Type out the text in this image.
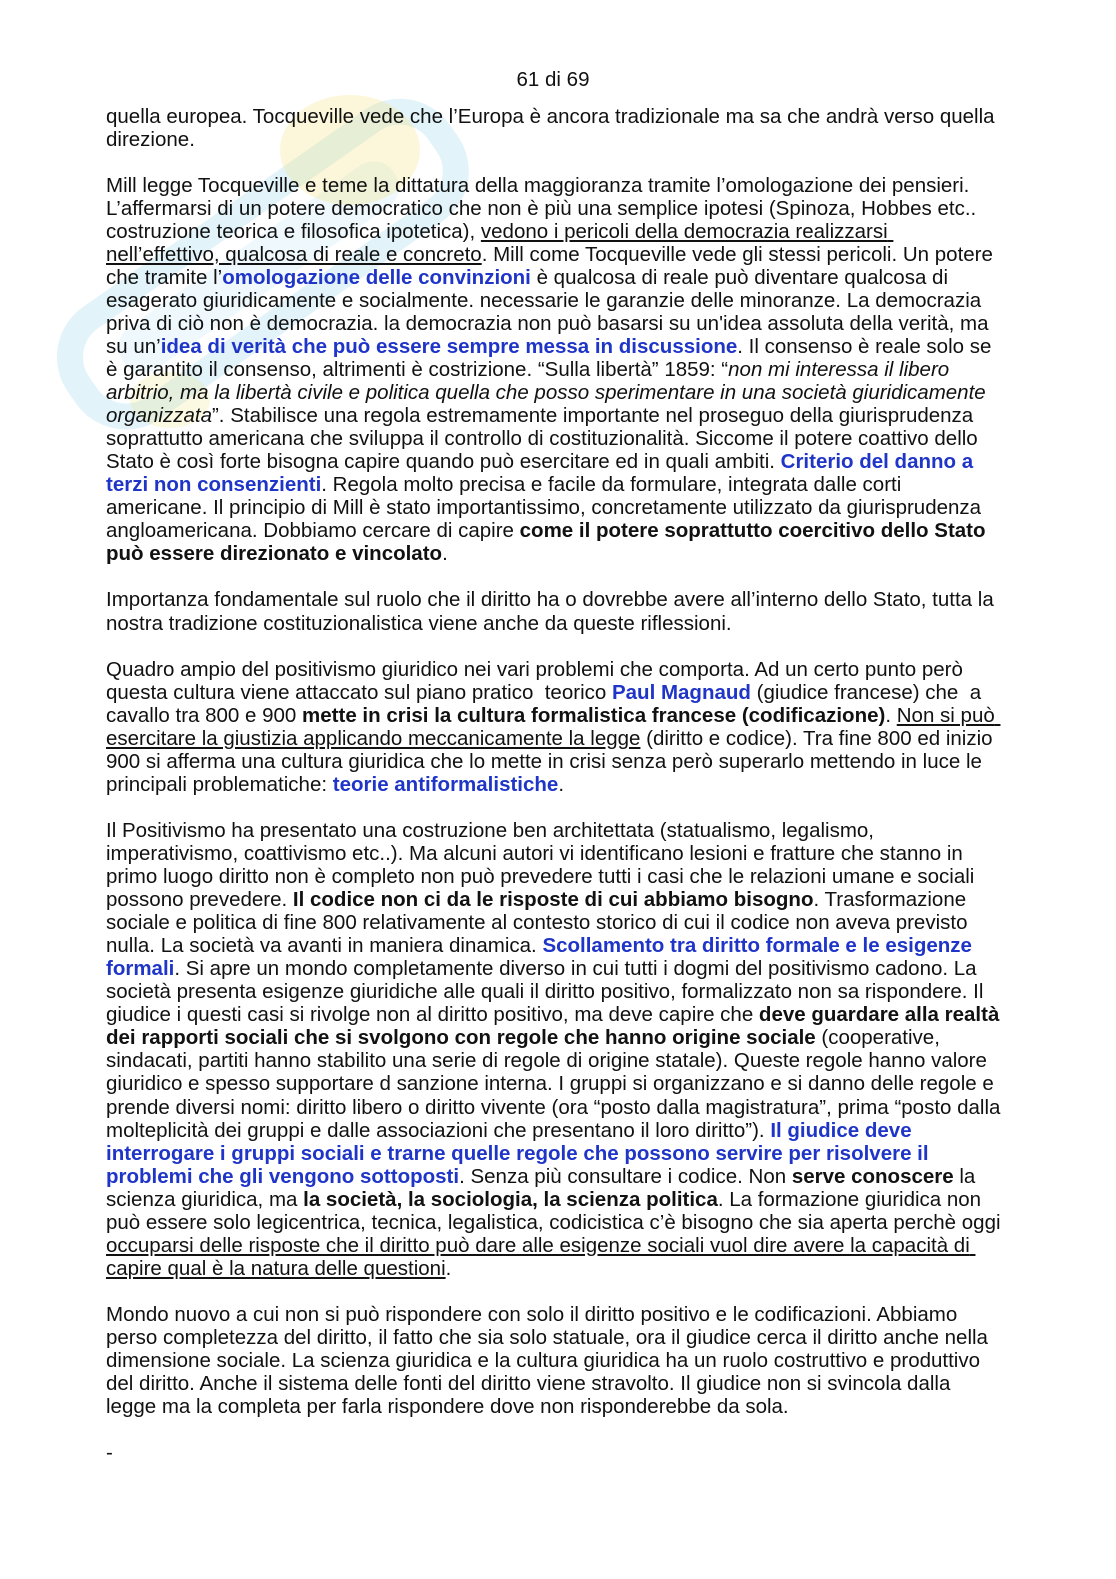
61 di 69

quella europea. Tocqueville vede che l’Europa è ancora tradizionale ma sa che andrà verso quella direzione.

Mill legge Tocqueville e teme la dittatura della maggioranza tramite l’omologazione dei pensieri. L’affermarsi di un potere democratico che non è più una semplice ipotesi (Spinoza, Hobbes etc.. costruzione teorica e filosofica ipotetica), vedono i pericoli della democrazia realizzarsi nell’effettivo, qualcosa di reale e concreto. Mill come Tocqueville vede gli stessi pericoli. Un potere che tramite l’omologazione delle convinzioni è qualcosa di reale può diventare qualcosa di esagerato giuridicamente e socialmente. necessarie le garanzie delle minoranze. La democrazia priva di ciò non è democrazia. la democrazia non può basarsi su un'idea assoluta della verità, ma su un’idea di verità che può essere sempre messa in discussione. Il consenso è reale solo se è garantito il consenso, altrimenti è costrizione. “Sulla libertà” 1859: “non mi interessa il libero arbitrio, ma la libertà civile e politica quella che posso sperimentare in una società giuridicamente organizzata”. Stabilisce una regola estremamente importante nel proseguo della giurisprudenza soprattutto americana che sviluppa il controllo di costituzionalità. Siccome il potere coattivo dello Stato è così forte bisogna capire quando può esercitare ed in quali ambiti. Criterio del danno a terzi non consenzienti. Regola molto precisa e facile da formulare, integrata dalle corti americane. Il principio di Mill è stato importantissimo, concretamente utilizzato da giurisprudenza angloamericana. Dobbiamo cercare di capire come il potere soprattutto coercitivo dello Stato può essere direzionato e vincolato.

Importanza fondamentale sul ruolo che il diritto ha o dovrebbe avere all’interno dello Stato, tutta la nostra tradizione costituzionalistica viene anche da queste riflessioni.

Quadro ampio del positivismo giuridico nei vari problemi che comporta. Ad un certo punto però questa cultura viene attaccato sul piano pratico  teorico Paul Magnaud (giudice francese) che  a cavallo tra 800 e 900 mette in crisi la cultura formalistica francese (codificazione). Non si può esercitare la giustizia applicando meccanicamente la legge (diritto e codice). Tra fine 800 ed inizio 900 si afferma una cultura giuridica che lo mette in crisi senza però superarlo mettendo in luce le principali problematiche: teorie antiformalistiche.

Il Positivismo ha presentato una costruzione ben architettata (statualismo, legalismo, imperativismo, coattivismo etc..). Ma alcuni autori vi identificano lesioni e fratture che stanno in primo luogo diritto non è completo non può prevedere tutti i casi che le relazioni umane e sociali possono prevedere. Il codice non ci da le risposte di cui abbiamo bisogno. Trasformazione sociale e politica di fine 800 relativamente al contesto storico di cui il codice non aveva previsto nulla. La società va avanti in maniera dinamica. Scollamento tra diritto formale e le esigenze formali. Si apre un mondo completamente diverso in cui tutti i dogmi del positivismo cadono. La società presenta esigenze giuridiche alle quali il diritto positivo, formalizzato non sa rispondere. Il giudice i questi casi si rivolge non al diritto positivo, ma deve capire che deve guardare alla realtà dei rapporti sociali che si svolgono con regole che hanno origine sociale (cooperative, sindacati, partiti hanno stabilito una serie di regole di origine statale). Queste regole hanno valore giuridico e spesso supportare d sanzione interna. I gruppi si organizzano e si danno delle regole e prende diversi nomi: diritto libero o diritto vivente (ora “posto dalla magistratura”, prima “posto dalla molteplicità dei gruppi e dalle associazioni che presentano il loro diritto”). Il giudice deve interrogare i gruppi sociali e trarne quelle regole che possono servire per risolvere il problemi che gli vengono sottoposti. Senza più consultare i codice. Non serve conoscere la scienza giuridica, ma la società, la sociologia, la scienza politica. La formazione giuridica non può essere solo legicentrica, tecnica, legalistica, codicistica c’è bisogno che sia aperta perchè oggi occuparsi delle risposte che il diritto può dare alle esigenze sociali vuol dire avere la capacità di capire qual è la natura delle questioni.

Mondo nuovo a cui non si può rispondere con solo il diritto positivo e le codificazioni. Abbiamo perso completezza del diritto, il fatto che sia solo statuale, ora il giudice cerca il diritto anche nella dimensione sociale. La scienza giuridica e la cultura giuridica ha un ruolo costruttivo e produttivo del diritto. Anche il sistema delle fonti del diritto viene stravolto. Il giudice non si svincola dalla legge ma la completa per farla rispondere dove non risponderebbe da sola.

-
